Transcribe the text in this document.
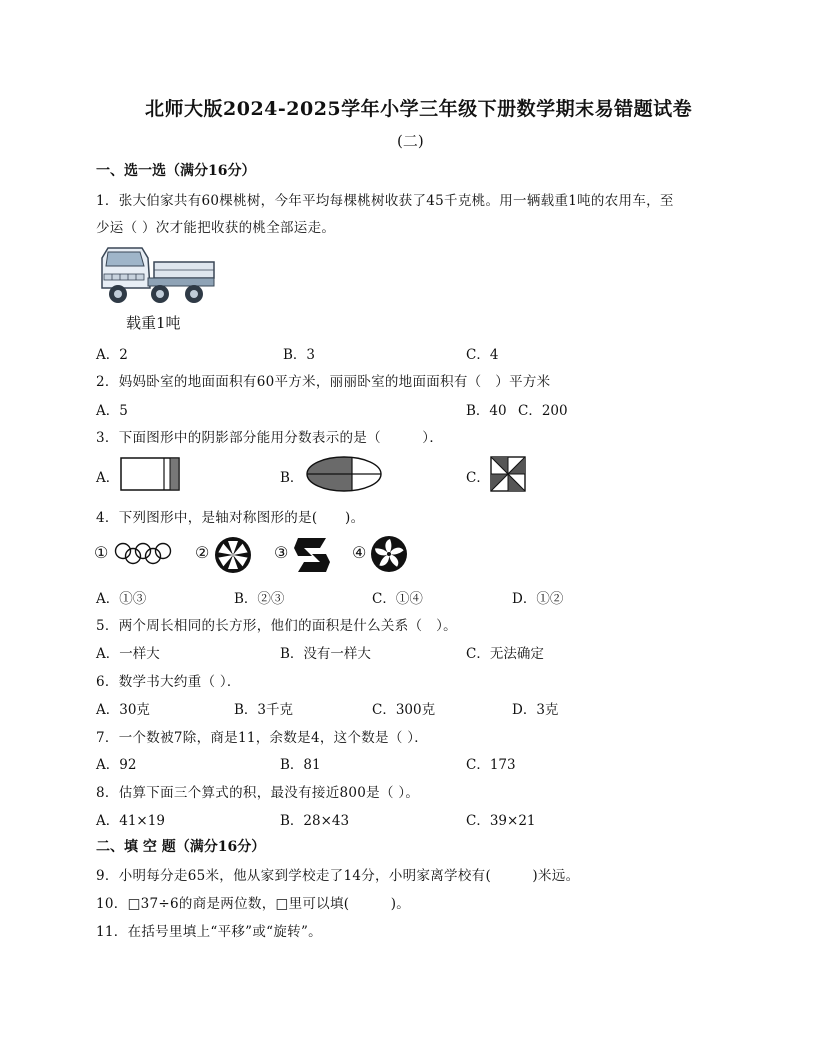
北师大版2024-2025学年小学三年级下册数学期末易错题试卷
(二)
一、选一选（满分16分）
1．张大伯家共有60棵桃树，今年平均每棵桃树收获了45千克桃。用一辆载重1吨的农用车，至
少运（ ）次才能把收获的桃全部运走。
载重1吨
A．2	B．3	C．4
2．妈妈卧室的地面面积有60平方米，丽丽卧室的地面面积有（　）平方米
A．5	B．40 C．200
3．下面图形中的阴影部分能用分数表示的是（　　　）．
A．	B．	C．
4．下列图形中，是轴对称图形的是(　　)。
①	②	③	④
A．①③	B．②③	C．①④	D．①②
5．两个周长相同的长方形，他们的面积是什么关系（　）。
A．一样大	B．没有一样大	C．无法确定
6．数学书大约重（ ）．
A．30克	B．3千克	C．300克	D．3克
7．一个数被7除，商是11，余数是4，这个数是（ ）．
A．92	B．81	C．173
8．估算下面三个算式的积，最没有接近800是（ ）。
A．41×19	B．28×43	C．39×21
二、填 空 题（满分16分）
9．小明每分走65米，他从家到学校走了14分，小明家离学校有(　　　)米远。
10．□37÷6的商是两位数，□里可以填(　　　)。
11．在括号里填上“平移”或“旋转”。
